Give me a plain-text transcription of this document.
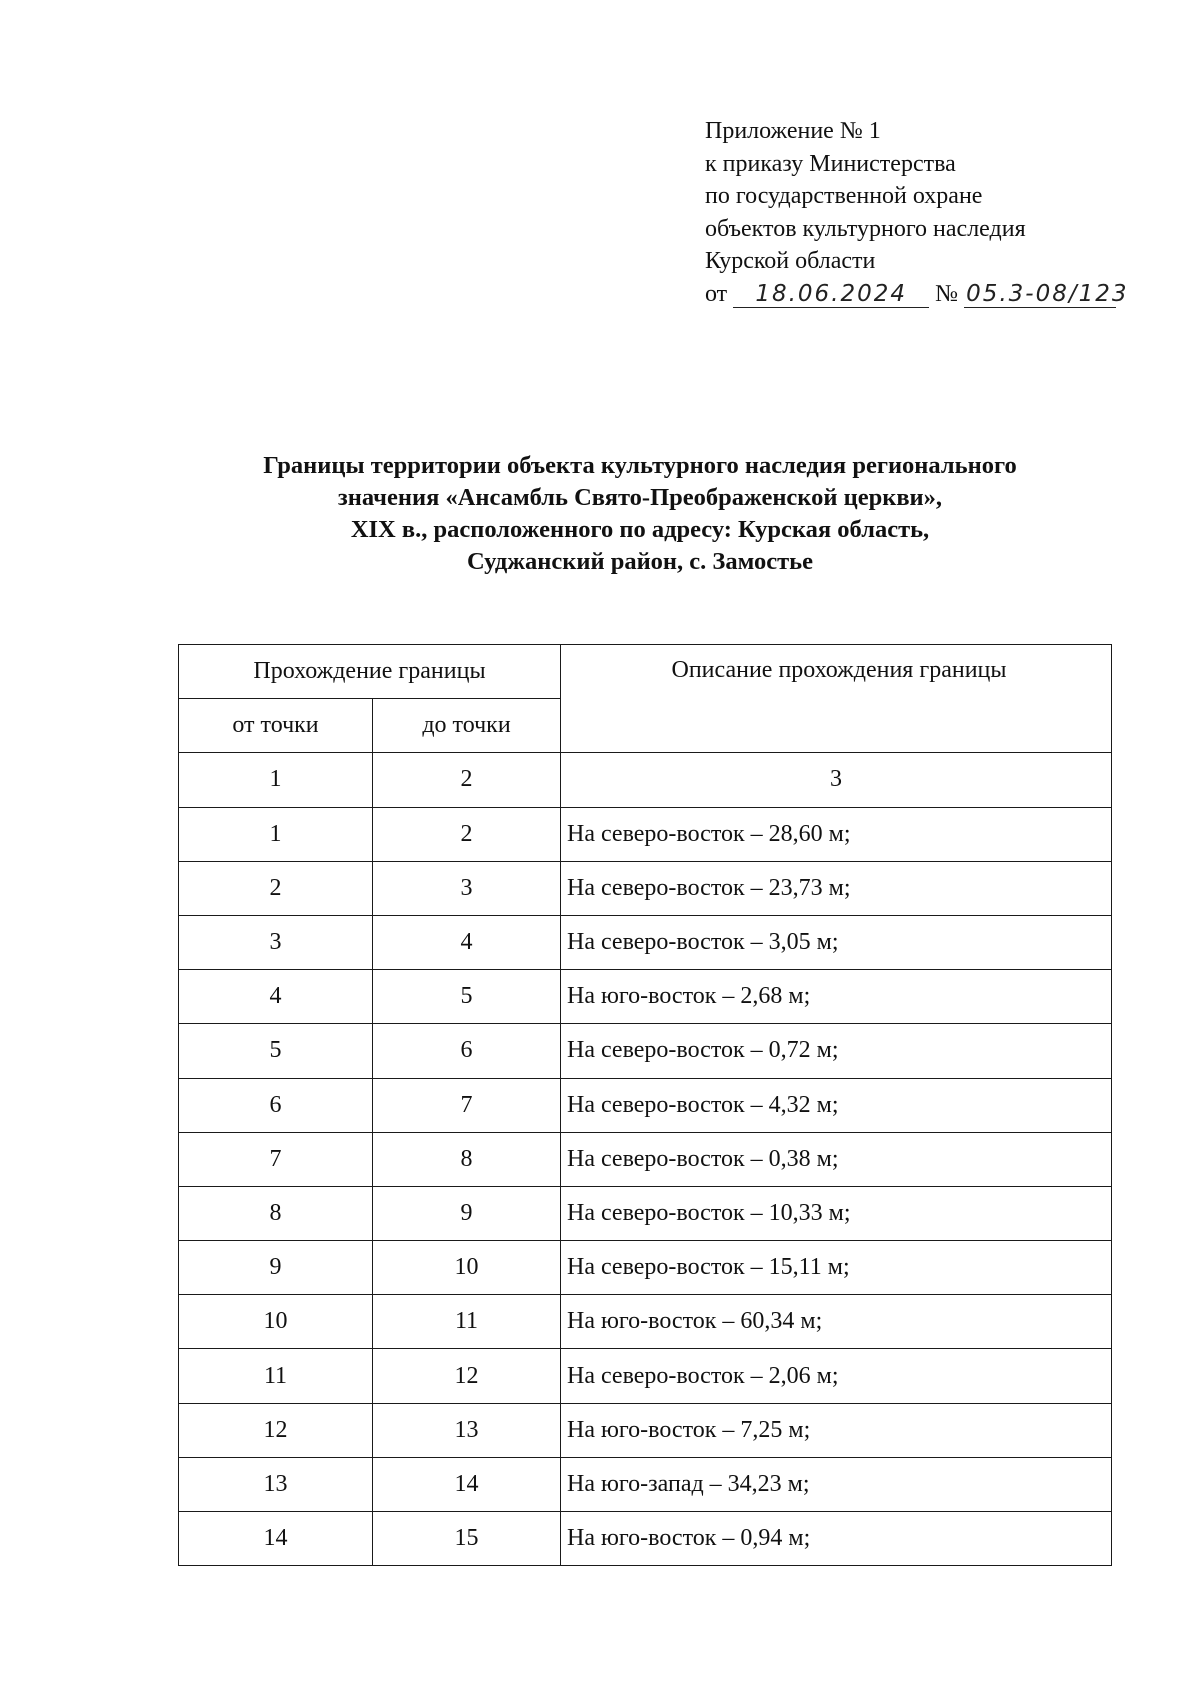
Приложение № 1
к приказу Министерства
по государственной охране
объектов культурного наследия
Курской области
от 18.06.2024 № 05.3-08/123
Границы территории объекта культурного наследия регионального
значения «Ансамбль Свято-Преображенской церкви»,
XIX в., расположенного по адресу: Курская область,
Суджанский район, с. Замостье
Прохождение границы		Описание прохождения границы
от точки	до точки	
1	2	3
1	2	На северо-восток – 28,60 м;
2	3	На северо-восток – 23,73 м;
3	4	На северо-восток – 3,05 м;
4	5	На юго-восток – 2,68 м;
5	6	На северо-восток – 0,72 м;
6	7	На северо-восток – 4,32 м;
7	8	На северо-восток – 0,38 м;
8	9	На северо-восток – 10,33 м;
9	10	На северо-восток – 15,11 м;
10	11	На юго-восток – 60,34 м;
11	12	На северо-восток – 2,06 м;
12	13	На юго-восток – 7,25 м;
13	14	На юго-запад – 34,23 м;
14	15	На юго-восток – 0,94 м;
